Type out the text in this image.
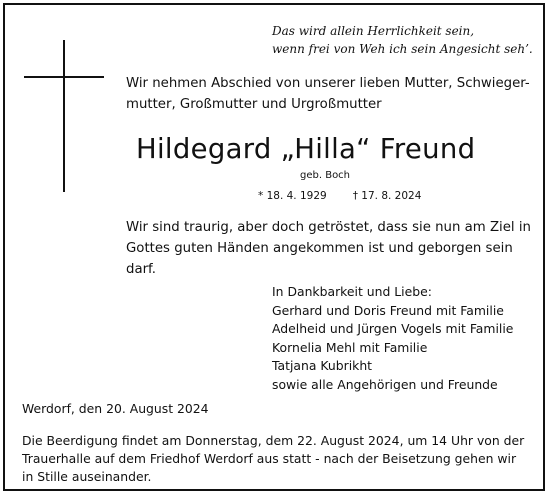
Das wird allein Herrlichkeit sein,
wenn frei von Weh ich sein Angesicht seh’.
Wir nehmen Abschied von unserer lieben Mutter, Schwieger-
mutter, Großmutter und Urgroßmutter
Hildegard „Hilla“ Freund
geb. Boch
* 18. 4. 1929 † 17. 8. 2024
Wir sind traurig, aber doch getröstet, dass sie nun am Ziel in
Gottes guten Händen angekommen ist und geborgen sein
darf.
In Dankbarkeit und Liebe:
Gerhard und Doris Freund mit Familie
Adelheid und Jürgen Vogels mit Familie
Kornelia Mehl mit Familie
Tatjana Kubrikht
sowie alle Angehörigen und Freunde
Werdorf, den 20. August 2024
Die Beerdigung findet am Donnerstag, dem 22. August 2024, um 14 Uhr von der
Trauerhalle auf dem Friedhof Werdorf aus statt - nach der Beisetzung gehen wir
in Stille auseinander.
